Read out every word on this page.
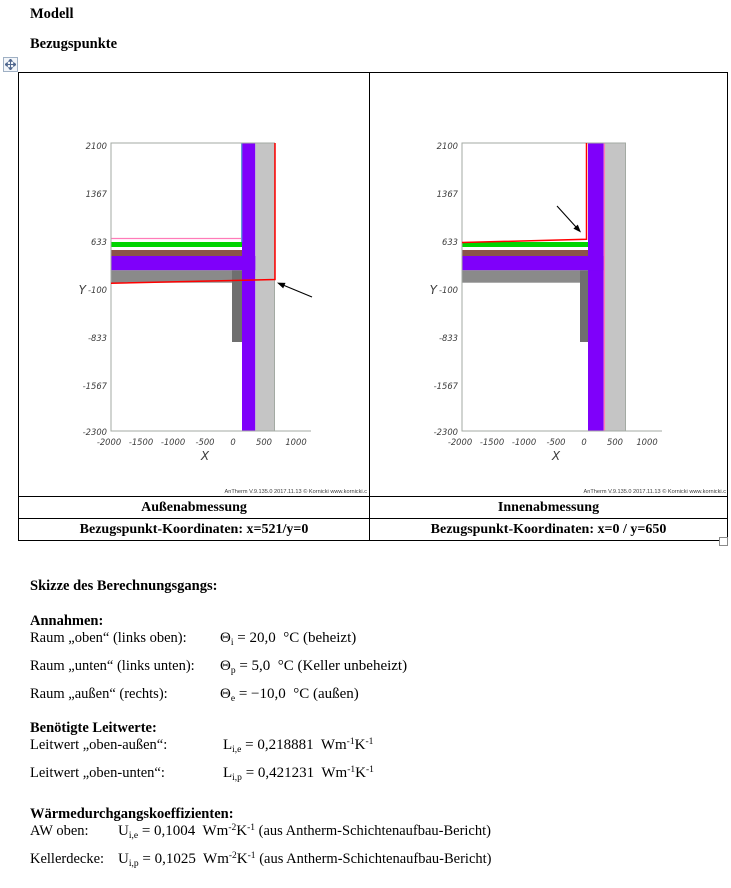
Modell
Bezugspunkte
2100
1367
633
-100
-833
-1567
-2300
Y
-2000 -1500 -1000 -500 0 500 1000
X
AnTherm V.9.135.0 2017.11.13 © Kornicki www.kornicki.c

2100
1367
633
-100
-833
-1567
-2300
Y
-2000 -1500 -1000 -500 0 500 1000
X
AnTherm V.9.135.0 2017.11.13 © Kornicki www.kornicki.c

Außenabmessung	Innenabmessung
Bezugspunkt-Koordinaten: x=521/y=0	Bezugspunkt-Koordinaten: x=0 / y=650
Skizze des Berechnungsgangs:
Annahmen:
Raum „oben“ (links oben): Θi = 20,0  °C (beheizt)
Raum „unten“ (links unten): Θp = 5,0  °C (Keller unbeheizt)
Raum „außen“ (rechts):	Θe = −10,0  °C (außen)
Benötigte Leitwerte:
Leitwert „oben-außen“:	Li,e = 0,218881  $Wm^{-1}K^{-1}$
Leitwert „oben-unten“:	Li,p = 0,421231  $Wm^{-1}K^{-1}$
Wärmedurchgangskoeffizienten:
AW oben: Ui,e = 0,1004  $Wm^{-2}K^{-1}$ (aus Antherm-Schichtenaufbau-Bericht)
Kellerdecke: Ui,p = 0,1025  $Wm^{-2}K^{-1}$ (aus Antherm-Schichtenaufbau-Bericht)
